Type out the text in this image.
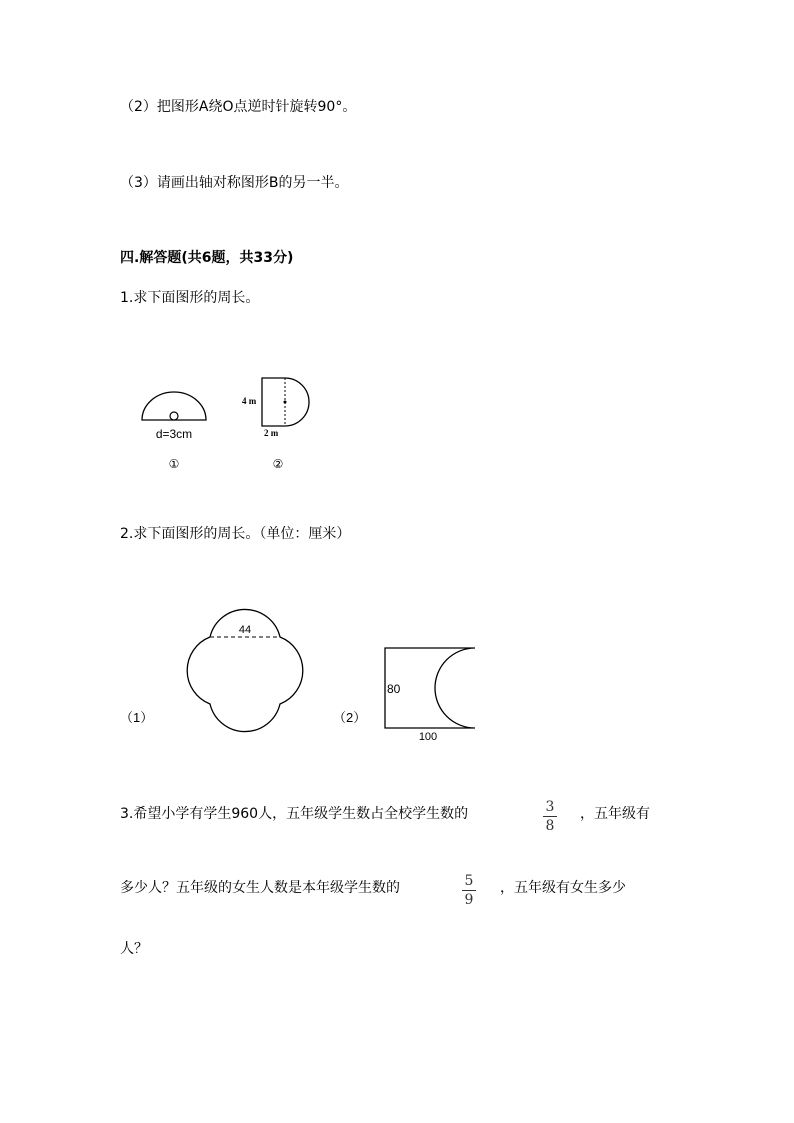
（2）把图形A绕O点逆时针旋转90°。
（3）请画出轴对称图形B的另一半。
四.解答题(共6题，共33分)
1.求下面图形的周长。
d=3cm
①
4 m
2 m
②
2.求下面图形的周长。（单位：厘米）
44
（1）
80
100
（2）
3.希望小学有学生960人，五年级学生数占全校学生数的	3
8
，五年级有
多少人？五年级的女生人数是本年级学生数的	5
9
，五年级有女生多少
人？
